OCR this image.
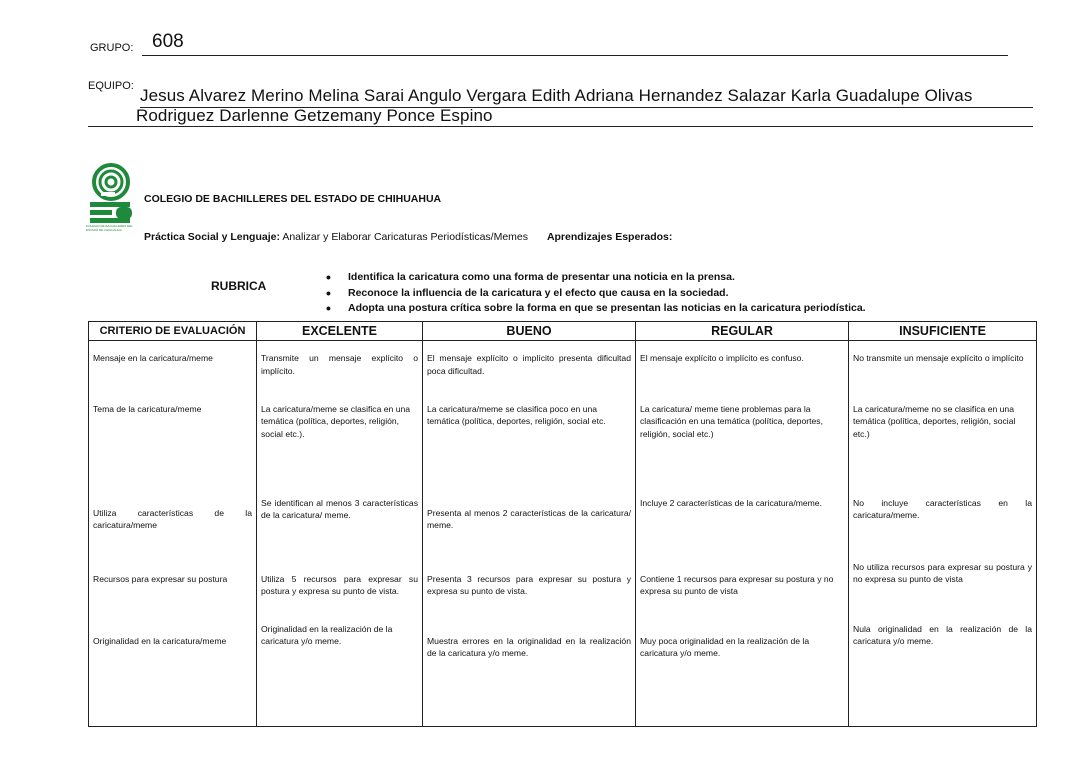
GRUPO: 608
EQUIPO: Jesus Alvarez Merino Melina Sarai Angulo Vergara Edith Adriana Hernandez Salazar Karla Guadalupe Olivas
Rodriguez Darlenne Getzemany Ponce Espino
COLEGIO DE BACHILLERES DEL ESTADO DE CHIHUAHUA
COLEGIO DE BACHILLERES DEL ESTADO DE CHIHUAHUA
Práctica Social y Lenguaje: Analizar y Elaborar Caricaturas Periodísticas/Memes Aprendizajes Esperados:
RUBRICA
• Identifica la caricatura como una forma de presentar una noticia en la prensa.
• Reconoce la influencia de la caricatura y el efecto que causa en la sociedad.
• Adopta una postura crítica sobre la forma en que se presentan las noticias en la caricatura periodística.
CRITERIO DE EVALUACIÓN	EXCELENTE	BUENO	REGULAR	INSUFICIENTE
Mensaje en la caricatura/meme	Transmite un mensaje explícito o implícito.	El mensaje explícito o implícito presenta dificultad poca dificultad.	El mensaje explícito o implícito es confuso.	No transmite un mensaje explícito o implícito
Tema de la caricatura/meme	La caricatura/meme se clasifica en una temática (política, deportes, religión, social etc.).	La caricatura/meme se clasifica poco en una temática (política, deportes, religión, social etc.	La caricatura/ meme tiene problemas para la clasificación en una temática (política, deportes, religión, social etc.)	La caricatura/meme no se clasifica en una temática (política, deportes, religión, social etc.)
Utiliza características de la caricatura/meme	Se identifican al menos 3 características de la caricatura/ meme.	Presenta al menos 2 características de la caricatura/ meme.	Incluye 2 características de la caricatura/meme.	No incluye características en la caricatura/meme.
Recursos para expresar su postura	Utiliza 5 recursos para expresar su postura y expresa su punto de vista.	Presenta 3 recursos para expresar su postura y expresa su punto de vista.	Contiene 1 recursos para expresar su postura y no expresa su punto de vista	No utiliza recursos para expresar su postura y no expresa su punto de vista
Originalidad en la caricatura/meme	Originalidad en la realización de la caricatura y/o meme.	Muestra errores en la originalidad en la realización de la caricatura y/o meme.	Muy poca originalidad en la realización de la caricatura y/o meme.	Nula originalidad en la realización de la caricatura y/o meme.
